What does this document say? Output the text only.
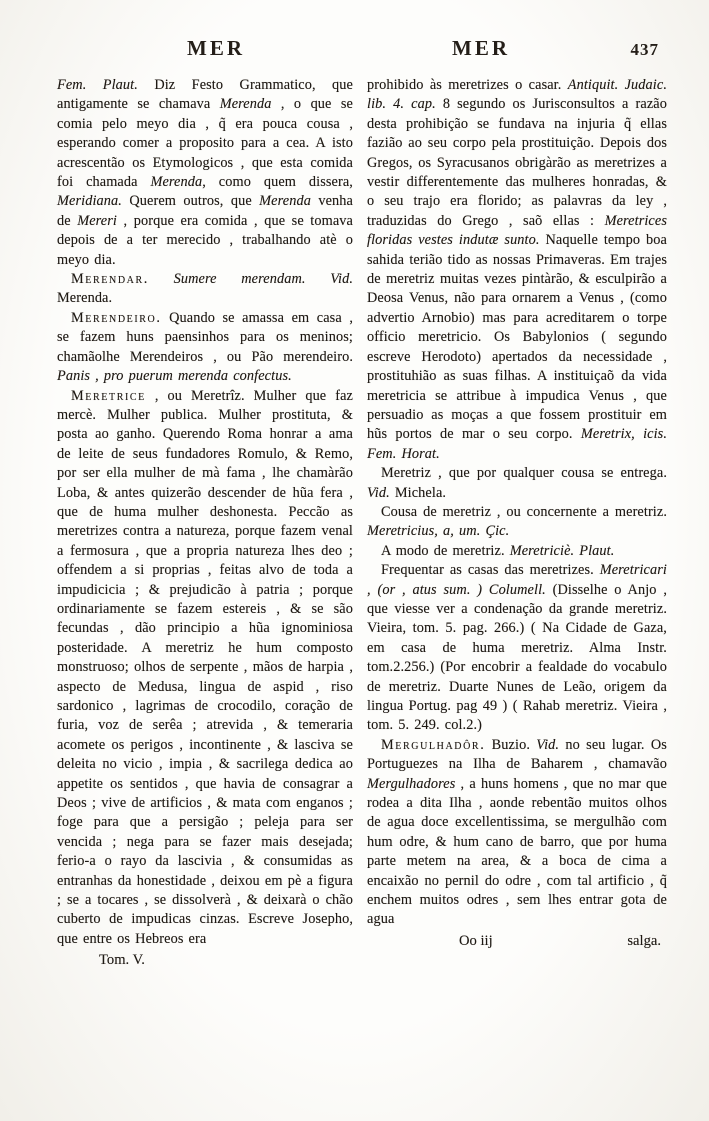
MER	MER	437

Fem. Plaut. Diz Festo Grammatico, que antigamente se chamava Merenda , o que se comia pelo meyo dia , q̃ era pouca cousa , esperando comer a proposito para a cea. A isto acrescentão os Etymologicos , que esta comida foi chamada Merenda, como quem dissera, Meridiana. Querem outros, que Merenda venha de Mereri , porque era comida , que se tomava depois de a ter merecido , trabalhando atè o meyo dia.

Merendar. Sumere merendam. Vid. Merenda.

Merendeiro. Quando se amassa em casa , se fazem huns paensinhos para os meninos; chamãolhe Merendeiros , ou Pão merendeiro. Panis , pro puerum merenda confectus.

Meretrice , ou Meretrîz. Mulher que faz mercè. Mulher publica. Mulher prostituta, & posta ao ganho. Querendo Roma honrar a ama de leite de seus fundadores Romulo, & Remo, por ser ella mulher de mà fama , lhe chamàrão Loba, & antes quizerão descender de hũa fera , que de huma mulher deshonesta. Peccão as meretrizes contra a natureza, porque fazem venal a fermosura , que a propria natureza lhes deo ; offendem a si proprias , feitas alvo de toda a impudicicia ; & prejudicão à patria ; porque ordinariamente se fazem estereis , & se são fecundas , dão principio a hũa ignominiosa posteridade. A meretriz he hum composto monstruoso; olhos de serpente , mãos de harpia , aspecto de Medusa, lingua de aspid , riso sardonico , lagrimas de crocodilo, coração de furia, voz de serêa ; atrevida , & temeraria acomete os perigos , incontinente , & lasciva se deleita no vicio , impia , & sacrilega dedica ao appetite os sentidos , que havia de consagrar a Deos ; vive de artificios , & mata com enganos ; foge para que a persigão ; peleja para ser vencida ; nega para se fazer mais desejada; ferio-a o rayo da lascivia , & consumidas as entranhas da honestidade , deixou em pè a figura ; se a tocares , se dissolverà , & deixarà o chão cuberto de impudicas cinzas. Escreve Josepho, que entre os Hebreos era

Tom. V.

prohibido às meretrizes o casar. Antiquit. Judaic. lib. 4. cap. 8 segundo os Jurisconsultos a razão desta prohibição se fundava na injuria q̃ ellas fazião ao seu corpo pela prostituição. Depois dos Gregos, os Syracusanos obrigàrão as meretrizes a vestir differentemente das mulheres honradas, & o seu trajo era florido; as palavras da ley , traduzidas do Grego , saõ ellas : Meretrices floridas vestes indutæ sunto. Naquelle tempo boa sahida terião tido as nossas Primaveras. Em trajes de meretriz muitas vezes pintàrão, & esculpirão a Deosa Venus, não para ornarem a Venus , (como advertio Arnobio) mas para acreditarem o torpe officio meretricio. Os Babylonios ( segundo escreve Herodoto) apertados da necessidade , prostituhião as suas filhas. A instituiçaõ da vida meretricia se attribue à impudica Venus , que persuadio as moças a que fossem prostituir em hũs portos de mar o seu corpo. Meretrix, icis. Fem. Horat.

Meretriz , que por qualquer cousa se entrega. Vid. Michela.

Cousa de meretriz , ou concernente a meretriz. Meretricius, a, um. Çic.

A modo de meretriz. Meretriciè. Plaut.

Frequentar as casas das meretrizes. Meretricari , (or , atus sum. ) Columell. (Disselhe o Anjo , que viesse ver a condenação da grande meretriz. Vieira, tom. 5. pag. 266.) ( Na Cidade de Gaza, em casa de huma meretriz. Alma Instr. tom.2.256.) (Por encobrir a fealdade do vocabulo de meretriz. Duarte Nunes de Leão, origem da lingua Portug. pag 49 ) ( Rahab meretriz. Vieira , tom. 5. 249. col.2.)

Mergulhadôr. Buzio. Vid. no seu lugar. Os Portuguezes na Ilha de Baharem , chamavão Mergulhadores , a huns homens , que no mar que rodea a dita Ilha , aonde rebentão muitos olhos de agua doce excellentissima, se mergulhão com hum odre, & hum cano de barro, que por huma parte metem na area, & a boca de cima a encaixão no pernil do odre , com tal artificio , q̃ enchem muitos odres , sem lhes entrar gota de agua

Oo iij	salga.
